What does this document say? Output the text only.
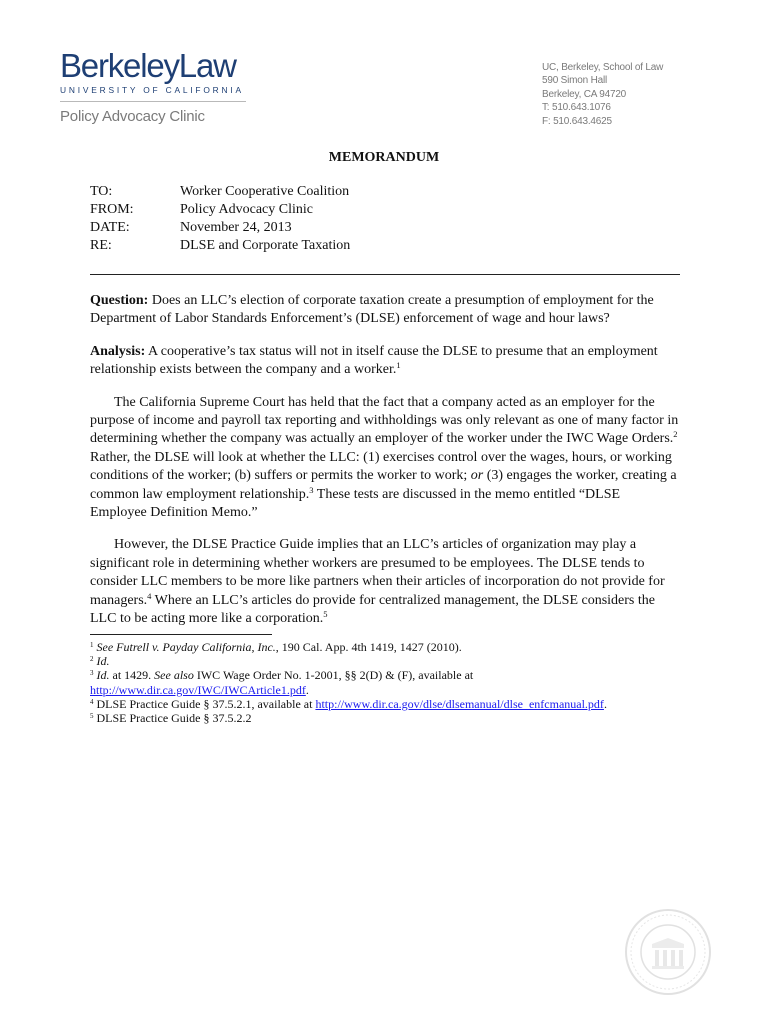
BerkeleyLaw
UNIVERSITY OF CALIFORNIA
Policy Advocacy Clinic
UC, Berkeley, School of Law
590 Simon Hall
Berkeley, CA 94720
T: 510.643.1076
F: 510.643.4625
MEMORANDUM
TO:	Worker Cooperative Coalition
FROM:	Policy Advocacy Clinic
DATE:	November 24, 2013
RE:	DLSE and Corporate Taxation

Question: Does an LLC’s election of corporate taxation create a presumption of employment for the Department of Labor Standards Enforcement’s (DLSE) enforcement of wage and hour laws?

Analysis: A cooperative’s tax status will not in itself cause the DLSE to presume that an employment relationship exists between the company and a worker.$^1$

The California Supreme Court has held that the fact that a company acted as an employer for the purpose of income and payroll tax reporting and withholdings was only relevant as one of many factor in determining whether the company was actually an employer of the worker under the IWC Wage Orders.$^2$ Rather, the DLSE will look at whether the LLC: (1) exercises control over the wages, hours, or working conditions of the worker; (b) suffers or permits the worker to work; or (3) engages the worker, creating a common law employment relationship.$^3$ These tests are discussed in the memo entitled “DLSE Employee Definition Memo.”

However, the DLSE Practice Guide implies that an LLC’s articles of organization may play a significant role in determining whether workers are presumed to be employees. The DLSE tends to consider LLC members to be more like partners when their articles of incorporation do not provide for managers.$^4$ Where an LLC’s articles do provide for centralized management, the DLSE considers the LLC to be acting more like a corporation.$^5$

$^1$ See Futrell v. Payday California, Inc., 190 Cal. App. 4th 1419, 1427 (2010).
$^2$ Id.
$^3$ Id. at 1429. See also IWC Wage Order No. 1-2001, §§ 2(D) & (F), available at
http://www.dir.ca.gov/IWC/IWCArticle1.pdf.
$^4$ DLSE Practice Guide § 37.5.2.1, available at http://www.dir.ca.gov/dlse/dlsemanual/dlse_enfcmanual.pdf.
$^5$ DLSE Practice Guide § 37.5.2.2
